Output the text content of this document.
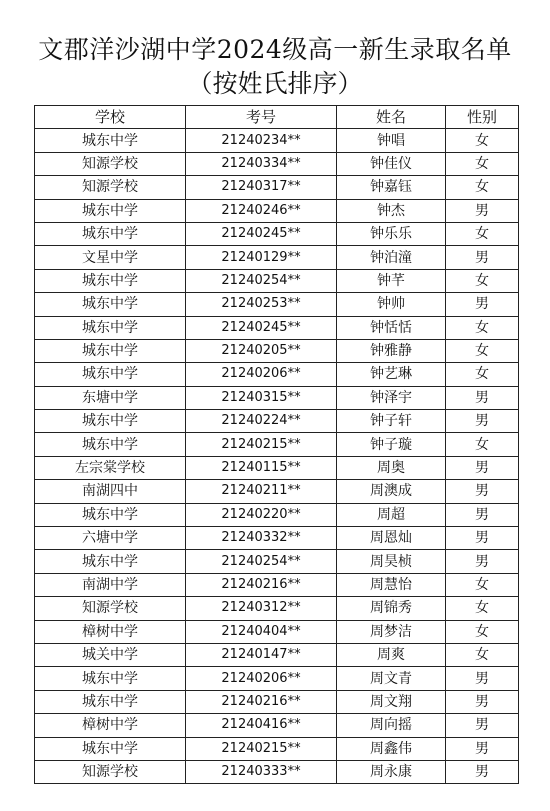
文郡洋沙湖中学2024级高一新生录取名单
（按姓氏排序）
学校	考号	姓名	性别
城东中学	21240234**	钟唱	女
知源学校	21240334**	钟佳仪	女
知源学校	21240317**	钟嘉钰	女
城东中学	21240246**	钟杰	男
城东中学	21240245**	钟乐乐	女
文星中学	21240129**	钟泊潼	男
城东中学	21240254**	钟芊	女
城东中学	21240253**	钟帅	男
城东中学	21240245**	钟恬恬	女
城东中学	21240205**	钟雅静	女
城东中学	21240206**	钟艺琳	女
东塘中学	21240315**	钟泽宇	男
城东中学	21240224**	钟子轩	男
城东中学	21240215**	钟子璇	女
左宗棠学校	21240115**	周奥	男
南湖四中	21240211**	周澳成	男
城东中学	21240220**	周超	男
六塘中学	21240332**	周恩灿	男
城东中学	21240254**	周昊桢	男
南湖中学	21240216**	周慧怡	女
知源学校	21240312**	周锦秀	女
樟树中学	21240404**	周梦洁	女
城关中学	21240147**	周爽	女
城东中学	21240206**	周文青	男
城东中学	21240216**	周文翔	男
樟树中学	21240416**	周向摇	男
城东中学	21240215**	周鑫伟	男
知源学校	21240333**	周永康	男
